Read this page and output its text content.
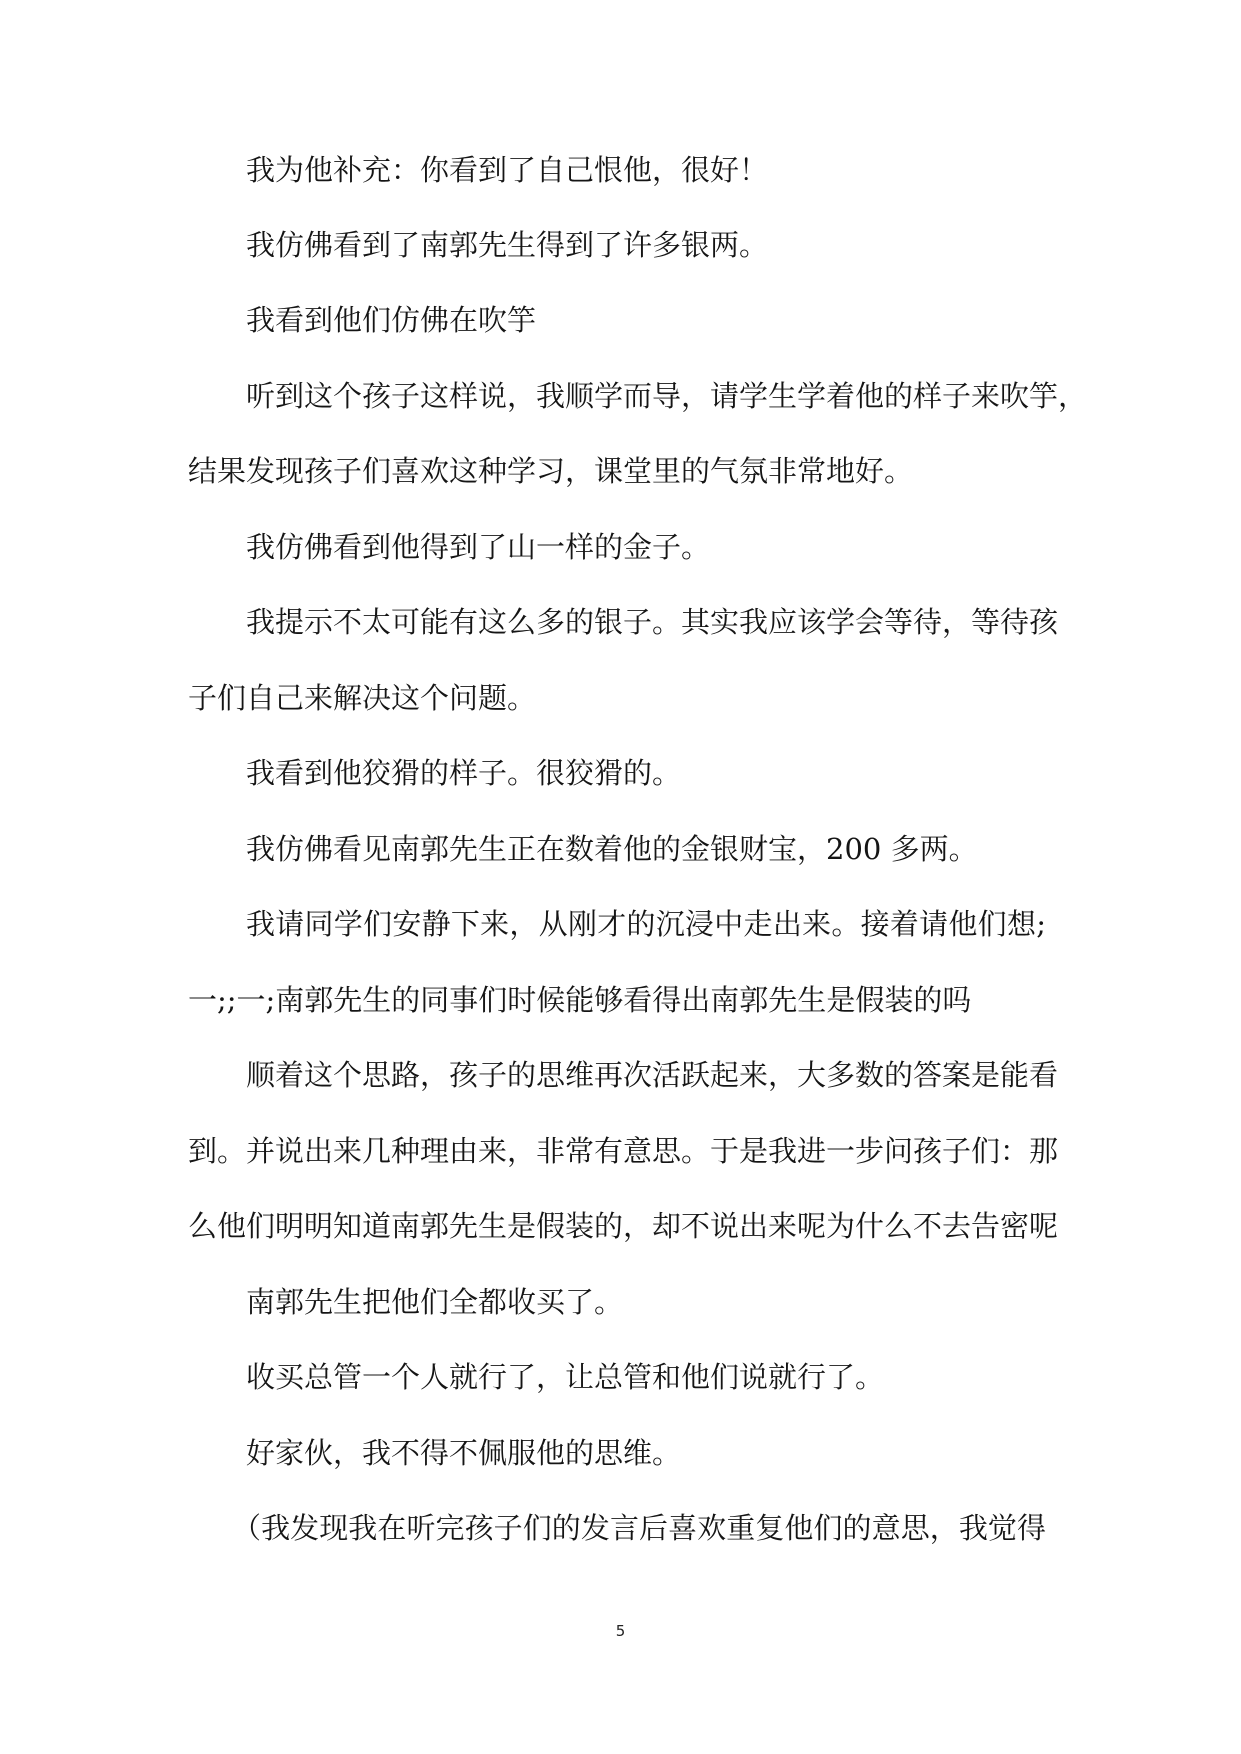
我为他补充：你看到了自己恨他，很好！

我仿佛看到了南郭先生得到了许多银两。

我看到他们仿佛在吹竽

听到这个孩子这样说，我顺学而导，请学生学着他的样子来吹竽，

结果发现孩子们喜欢这种学习，课堂里的气氛非常地好。

我仿佛看到他得到了山一样的金子。

我提示不太可能有这么多的银子。其实我应该学会等待，等待孩

子们自己来解决这个问题。

我看到他狡猾的样子。很狡猾的。

我仿佛看见南郭先生正在数着他的金银财宝，200 多两。

我请同学们安静下来，从刚才的沉浸中走出来。接着请他们想;

一;;一;南郭先生的同事们时候能够看得出南郭先生是假装的吗

顺着这个思路，孩子的思维再次活跃起来，大多数的答案是能看

到。并说出来几种理由来，非常有意思。于是我进一步问孩子们：那

么他们明明知道南郭先生是假装的，却不说出来呢为什么不去告密呢

南郭先生把他们全都收买了。

收买总管一个人就行了，让总管和他们说就行了。

好家伙，我不得不佩服他的思维。

（我发现我在听完孩子们的发言后喜欢重复他们的意思，我觉得

5
